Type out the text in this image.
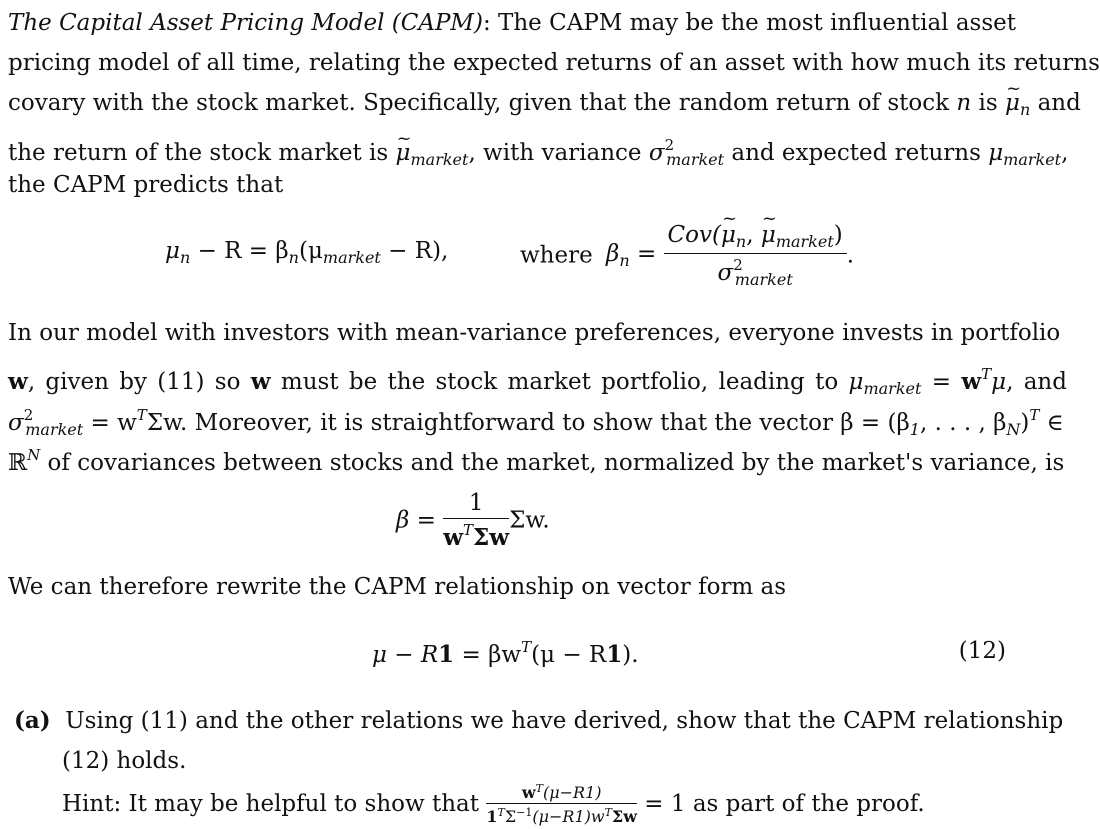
The Capital Asset Pricing Model (CAPM): The CAPM may be the most influential asset
pricing model of all time, relating the expected returns of an asset with how much its returns
covary with the stock market. Specifically, given that the random return of stock n is ~ $\mu_n$ and
the return of the stock market is ~ $\mu_{market}$, with variance $\sigma^2_{market}$ and expected returns $\mu_{market}$,
the CAPM predicts that
$\mu_n - R = \beta_n(\mu_{market} - R)$,	where $\beta_n = \frac{Cov(\sim \mu_n, \sim \mu_{market})}{\sigma^2_{market}}$ .
In our model with investors with mean-variance preferences, everyone invests in portfolio
w, given by (11) so w must be the stock market portfolio, leading to $\mu_{market} = w^T\mu$, and
$\sigma^2_{market} = w^T\Sigma w$. Moreover, it is straightforward to show that the vector $\beta = (\beta_1$, . . . , $\beta_N)^T$ ∈
ℝ$^N$ of covariances between stocks and the market, normalized by the market's variance, is
$\beta = \frac{1}{w^T\Sigma w} \Sigma w$.
We can therefore rewrite the CAPM relationship on vector form as
$\mu - R1 = \beta w^T(\mu - R1)$.	(12)
(a) Using (11) and the other relations we have derived, show that the CAPM relationship
(12) holds.
Hint: It may be helpful to show that $\frac{w^T(\mu-R1)}{1^T\Sigma^{-1}(\mu-R1)w^T\Sigma w} = 1$ as part of the proof.
